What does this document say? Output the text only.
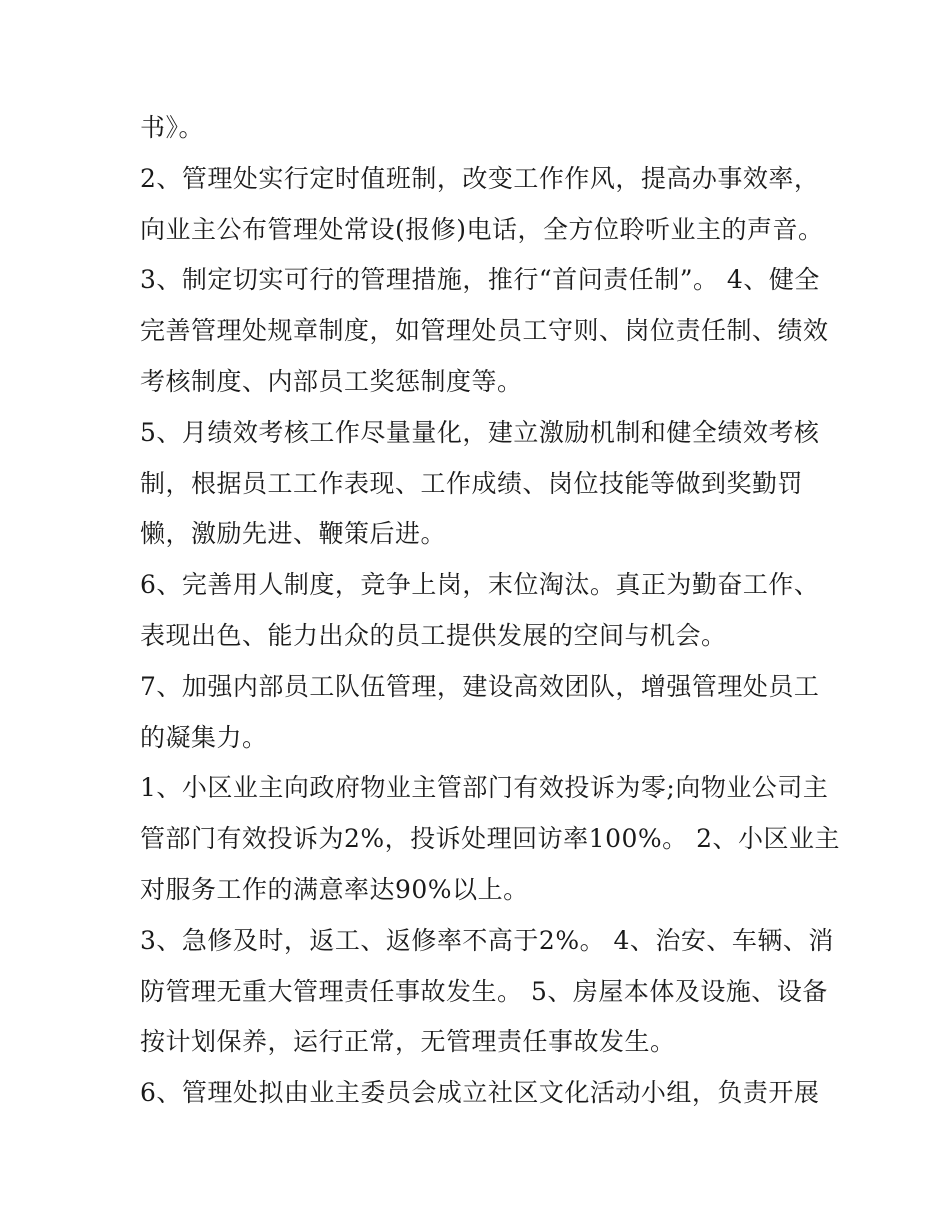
书》。
2、管理处实行定时值班制，改变工作作风，提高办事效率，
向业主公布管理处常设(报修)电话，全方位聆听业主的声音。
3、制定切实可行的管理措施，推行“首问责任制”。 4、健全
完善管理处规章制度，如管理处员工守则、岗位责任制、绩效
考核制度、内部员工奖惩制度等。
5、月绩效考核工作尽量量化，建立激励机制和健全绩效考核
制，根据员工工作表现、工作成绩、岗位技能等做到奖勤罚
懒，激励先进、鞭策后进。
6、完善用人制度，竞争上岗，末位淘汰。真正为勤奋工作、
表现出色、能力出众的员工提供发展的空间与机会。
7、加强内部员工队伍管理，建设高效团队，增强管理处员工
的凝集力。
1、小区业主向政府物业主管部门有效投诉为零;向物业公司主
管部门有效投诉为2%，投诉处理回访率100%。 2、小区业主
对服务工作的满意率达90%以上。
3、急修及时，返工、返修率不高于2%。 4、治安、车辆、消
防管理无重大管理责任事故发生。 5、房屋本体及设施、设备
按计划保养，运行正常，无管理责任事故发生。
6、管理处拟由业主委员会成立社区文化活动小组，负责开展
